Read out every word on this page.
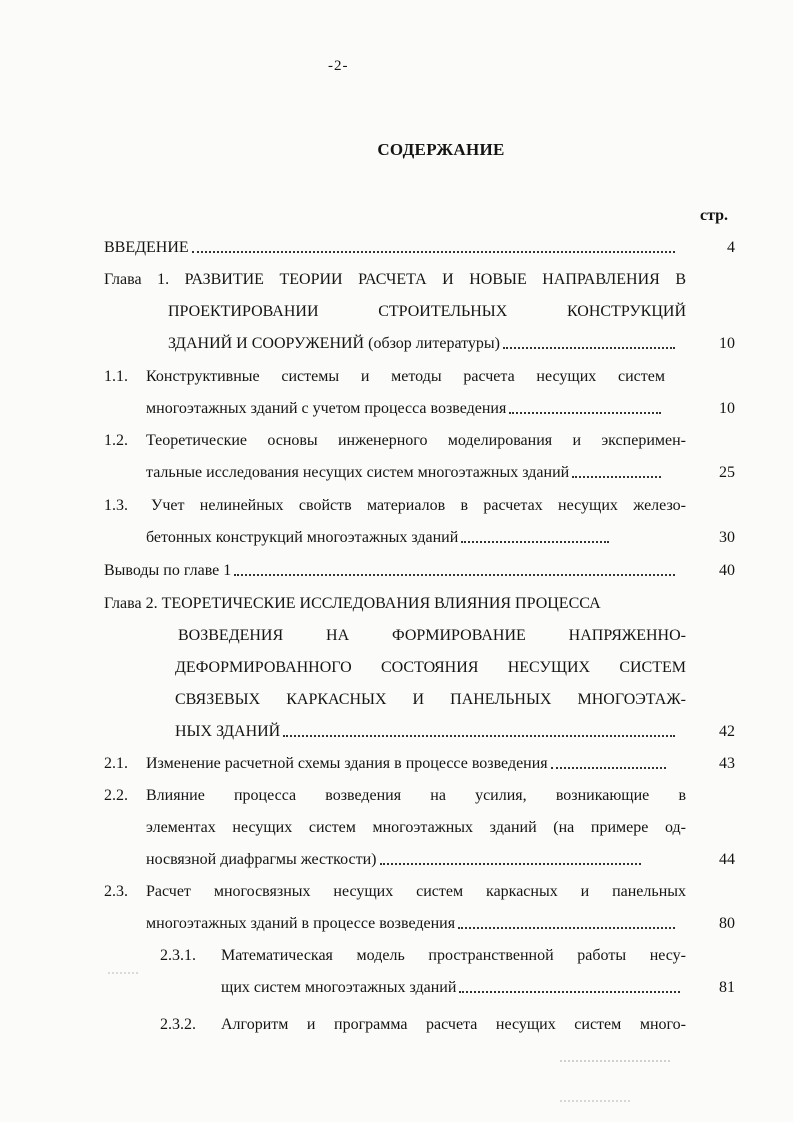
-2-
СОДЕРЖАНИЕ
стр.
ВВЕДЕНИЕ	4
Глава 1. РАЗВИТИЕ ТЕОРИИ РАСЧЕТА И НОВЫЕ НАПРАВЛЕНИЯ В
ПРОЕКТИРОВАНИИ СТРОИТЕЛЬНЫХ КОНСТРУКЦИЙ
ЗДАНИЙ И СООРУЖЕНИЙ (обзор литературы)	10
1.1. Конструктивные системы и методы расчета несущих систем
многоэтажных зданий с учетом процесса возведения	10
1.2. Теоретические основы инженерного моделирования и эксперимен-
тальные исследования несущих систем многоэтажных зданий	25
1.3. Учет нелинейных свойств материалов в расчетах несущих железо-
бетонных конструкций многоэтажных зданий	30
Выводы по главе 1	40
Глава 2. ТЕОРЕТИЧЕСКИЕ ИССЛЕДОВАНИЯ ВЛИЯНИЯ ПРОЦЕССА
ВОЗВЕДЕНИЯ НА ФОРМИРОВАНИЕ НАПРЯЖЕННО-
ДЕФОРМИРОВАННОГО СОСТОЯНИЯ НЕСУЩИХ СИСТЕМ
СВЯЗЕВЫХ КАРКАСНЫХ И ПАНЕЛЬНЫХ МНОГОЭТАЖ-
НЫХ ЗДАНИЙ	42
2.1. Изменение расчетной схемы здания в процессе возведения	43
2.2. Влияние процесса возведения на усилия, возникающие в
элементах несущих систем многоэтажных зданий (на примере од-
носвязной диафрагмы жесткости)	44
2.3. Расчет многосвязных несущих систем каркасных и панельных
многоэтажных зданий в процессе возведения	80
2.3.1. Математическая модель пространственной работы несу-
щих систем многоэтажных зданий	81
2.3.2. Алгоритм и программа расчета несущих систем много-
